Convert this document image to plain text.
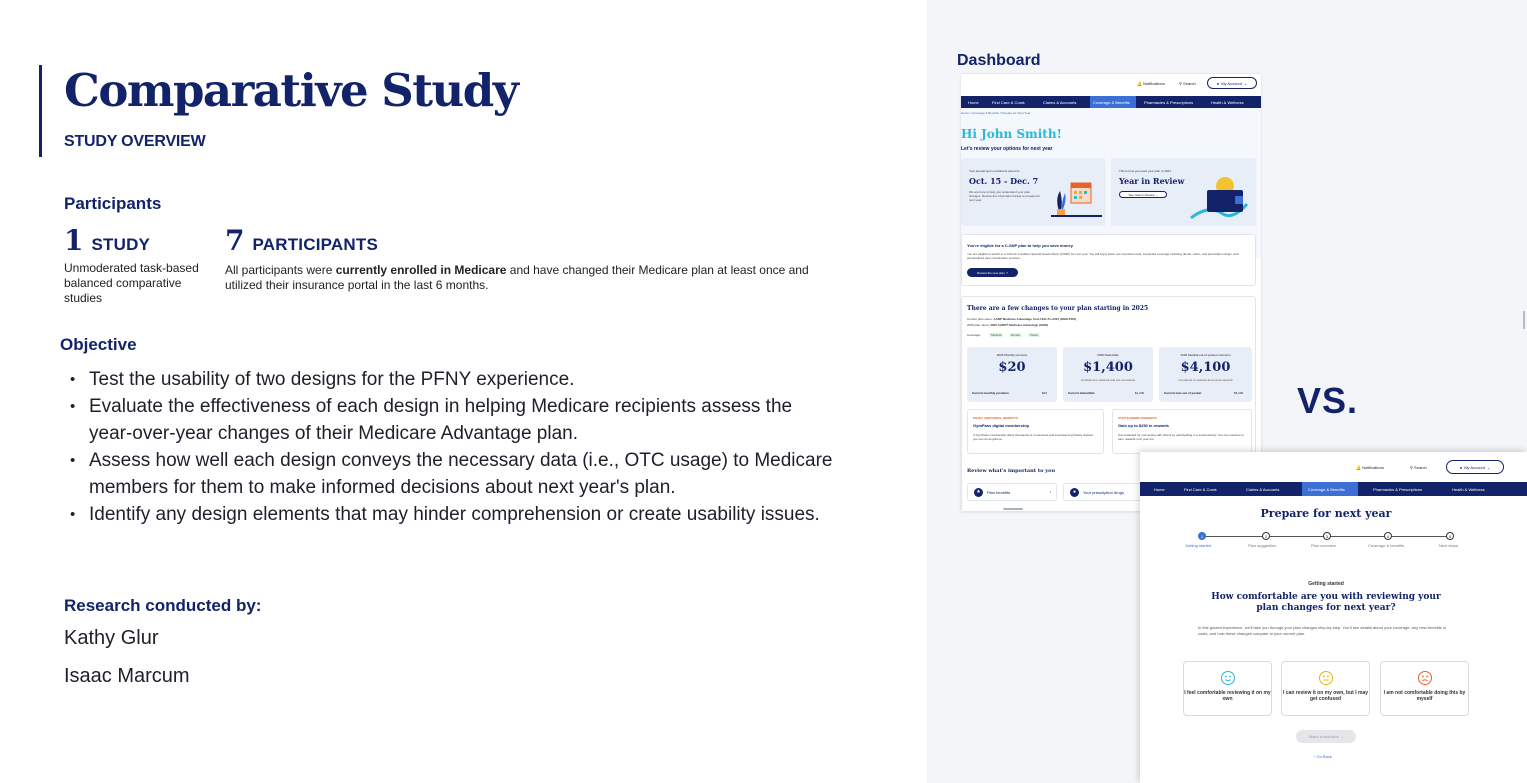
Comparative Study
STUDY OVERVIEW
Participants
1 STUDY
Unmoderated task-based balanced comparative studies
7 PARTICIPANTS
All participants were currently enrolled in Medicare and have changed their Medicare plan at least once and utilized their insurance portal in the last 6 months.
Objective
• Test the usability of two designs for the PFNY experience.
• Evaluate the effectiveness of each design in helping Medicare recipients assess the year-over-year changes of their Medicare Advantage plan.
• Assess how well each design conveys the necessary data (i.e., OTC usage) to Medicare members for them to make informed decisions about next year's plan.
• Identify any design elements that may hinder comprehension or create usability issues.
Research conducted by:
Kathy Glur
Isaac Marcum
Dashboard
VS.
🔔 Notifications	⚲ Search	● My Account ⌄
Home	Find Care & Costs	Claims & Accounts	Coverage & Benefits	Pharmacies & Prescriptions	Health & Wellness
Home / Coverage & Benefits / Prepare for Next Year
Hi John Smith!
Let's review your options for next year
Your annual open enrollment period is
Oct. 15 - Dec. 7
We are here to help you understand your plan changes. Review the information below to prepare for next year.
This is how you used your plan in 2024
Year in Review
See Year in Review ›
You're eligible for a C-SNP plan to help you save money
You are eligible to switch to a Chronic Condition Special Needs Plans (CSNP) for next year. You will enjoy lower out-of-pocket costs, expanded coverage including dental, vision, and prescription drugs, and personalized care coordination services.
Review the new plan
↗
There are a few changes to your plan starting in 2025
Current plan name: AARP Medicare Advantage from UHC AL-0001 (HMO-POS)
2025 plan name: 2025 AARP® Medicare Advantage (HMO)
Coverage:	Medical	Dental	Vision
2025 Monthly premium
$20
Current monthly premium	$20
2025 Deductible
$1,400
Combined in-network and out-of-network
Current deductible	$1,200
2025 Medical out-of-pocket maximum
$4,100
Combined in-network and out-of-network
Current max out of pocket	$5,200
ENJOY ADDITIONAL BENEFITS
GymPass digital membership
A GymPass membership offers thousands of on-demand and livestreaming fitness classes you can do anywhere.
STEP EARNING REWARDS
Gain up to $250 in rewards
Get rewarded for connecting with others by participating in a social activity. You can continue to earn rewards next year too.
Review what's important to you
★	Plan benefits	›	●	Your prescription drugs
🔔 Notifications	⚲ Search	● My Account ⌄
Home	Find Care & Costs	Claims & Accounts	Coverage & Benefits	Pharmacies & Prescriptions	Health & Wellness
Prepare for next year
1	2	3	4	5
Getting started	Plan suggestion	Plan overview	Coverage & benefits	Next steps
Getting started
How comfortable are you with reviewing your plan changes for next year?
In this guided experience, we'll take you through your plan changes step-by-step. You'll see details about your coverage, any new benefits or costs, and how these changes compare to your current plan.
I feel comfortable reviewing it on my own
I can review it on my own, but I may get confused
I am not comfortable doing this by myself
Make a selection ›
‹ Go Back
